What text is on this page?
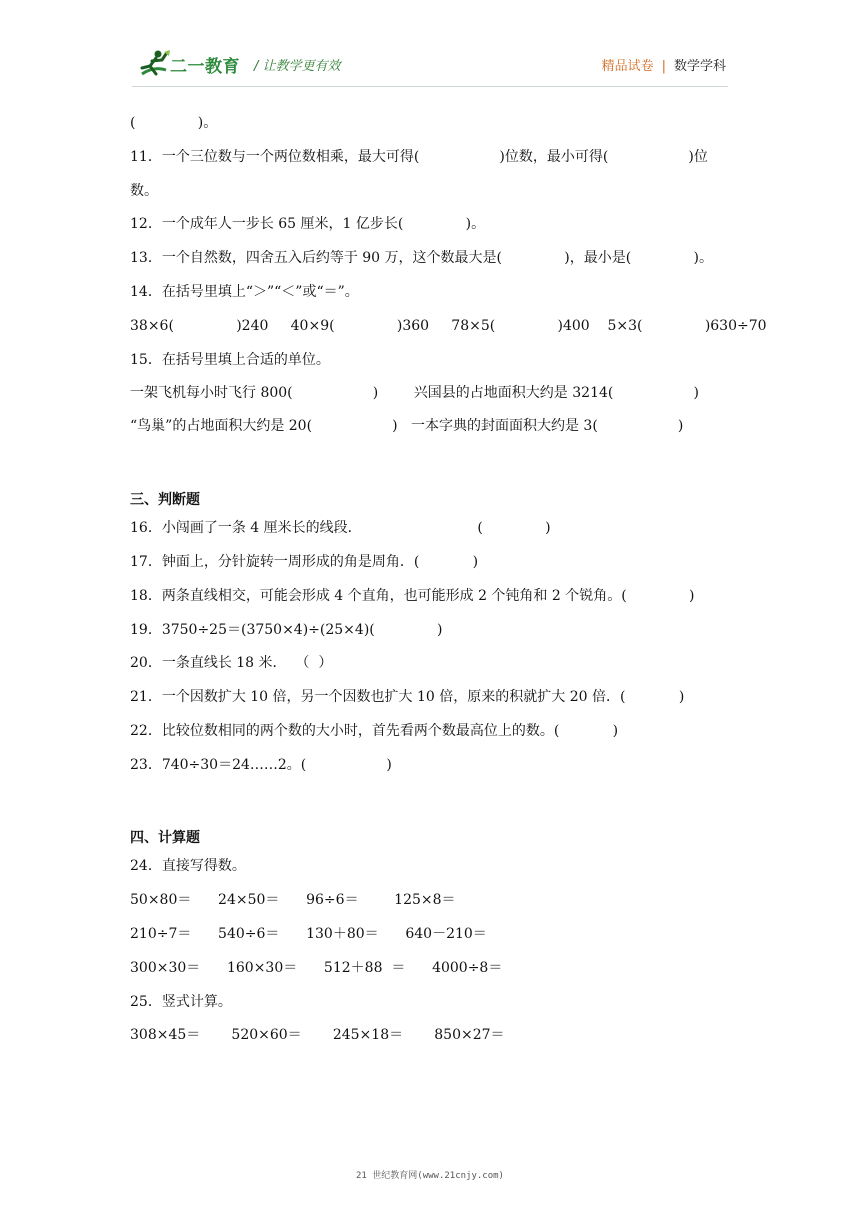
二一教育 / 让教学更有效	精品试卷 | 数学学科
(              )。
11．一个三位数与一个两位数相乘，最大可得(                  )位数，最小可得(                  )位
数。
12．一个成年人一步长 65 厘米，1 亿步长(              )。
13．一个自然数，四舍五入后约等于 90 万，这个数最大是(              )，最小是(              )。
14．在括号里填上“＞”“＜”或“＝”。
38×6(              )240     40×9(              )360     78×5(              )400    5×3(              )630÷70
15．在括号里填上合适的单位。
一架飞机每小时飞行 800(                  )        兴国县的占地面积大约是 3214(                  )
“鸟巢”的占地面积大约是 20(                  )   一本字典的封面面积大约是 3(                  )
三、判断题
16．小闯画了一条 4 厘米长的线段．                          (              )
17．钟面上，分针旋转一周形成的角是周角．(            )
18．两条直线相交，可能会形成 4 个直角，也可能形成 2 个钝角和 2 个锐角。(              )
19．3750÷25＝(3750×4)÷(25×4)(              )
20．一条直线长 18 米．  （  ）
21．一个因数扩大 10 倍，另一个因数也扩大 10 倍，原来的积就扩大 20 倍．(            )
22．比较位数相同的两个数的大小时，首先看两个数最高位上的数。(            )
23．740÷30＝24……2。(                  )
四、计算题
24．直接写得数。
50×80＝      24×50＝      96÷6＝        125×8＝
210÷7＝      540÷6＝      130＋80＝      640－210＝
300×30＝      160×30＝      512＋88  ＝      4000÷8＝
25．竖式计算。
308×45＝       520×60＝       245×18＝       850×27＝
21 世纪教育网(www.21cnjy.com)
